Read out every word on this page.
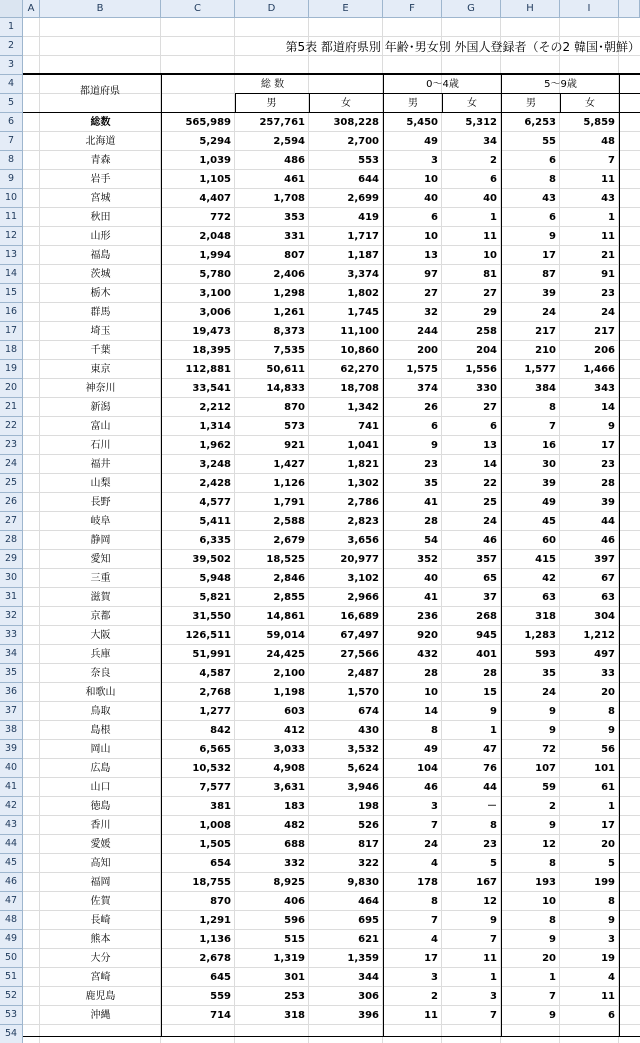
A	B	C	D	E	F	G	H	I
1
2
3
4
5
6
7
8
9
10
11
12
13
14
15
16
17
18
19
20
21
22
23
24
25
26
27
28
29
30
31
32
33
34
35
36
37
38
39
40
41
42
43
44
45
46
47
48
49
50
51
52
53
54
第5表 都道府県別 年齢･男女別 外国人登録者（その2 韓国･朝鮮）
都道府県
総 数	0～4歳	5～9歳
男	女	男	女	男	女
総数	565,989	257,761	308,228	5,450	5,312	6,253	5,859
北海道	5,294	2,594	2,700	49	34	55	48
青森	1,039	486	553	3	2	6	7
岩手	1,105	461	644	10	6	8	11
宮城	4,407	1,708	2,699	40	40	43	43
秋田	772	353	419	6	1	6	1
山形	2,048	331	1,717	10	11	9	11
福島	1,994	807	1,187	13	10	17	21
茨城	5,780	2,406	3,374	97	81	87	91
栃木	3,100	1,298	1,802	27	27	39	23
群馬	3,006	1,261	1,745	32	29	24	24
埼玉	19,473	8,373	11,100	244	258	217	217
千葉	18,395	7,535	10,860	200	204	210	206
東京	112,881	50,611	62,270	1,575	1,556	1,577	1,466
神奈川	33,541	14,833	18,708	374	330	384	343
新潟	2,212	870	1,342	26	27	8	14
富山	1,314	573	741	6	6	7	9
石川	1,962	921	1,041	9	13	16	17
福井	3,248	1,427	1,821	23	14	30	23
山梨	2,428	1,126	1,302	35	22	39	28
長野	4,577	1,791	2,786	41	25	49	39
岐阜	5,411	2,588	2,823	28	24	45	44
静岡	6,335	2,679	3,656	54	46	60	46
愛知	39,502	18,525	20,977	352	357	415	397
三重	5,948	2,846	3,102	40	65	42	67
滋賀	5,821	2,855	2,966	41	37	63	63
京都	31,550	14,861	16,689	236	268	318	304
大阪	126,511	59,014	67,497	920	945	1,283	1,212
兵庫	51,991	24,425	27,566	432	401	593	497
奈良	4,587	2,100	2,487	28	28	35	33
和歌山	2,768	1,198	1,570	10	15	24	20
鳥取	1,277	603	674	14	9	9	8
島根	842	412	430	8	1	9	9
岡山	6,565	3,033	3,532	49	47	72	56
広島	10,532	4,908	5,624	104	76	107	101
山口	7,577	3,631	3,946	46	44	59	61
徳島	381	183	198	3	－	2	1
香川	1,008	482	526	7	8	9	17
愛媛	1,505	688	817	24	23	12	20
高知	654	332	322	4	5	8	5
福岡	18,755	8,925	9,830	178	167	193	199
佐賀	870	406	464	8	12	10	8
長崎	1,291	596	695	7	9	8	9
熊本	1,136	515	621	4	7	9	3
大分	2,678	1,319	1,359	17	11	20	19
宮崎	645	301	344	3	1	1	4
鹿児島	559	253	306	2	3	7	11
沖縄	714	318	396	11	7	9	6
